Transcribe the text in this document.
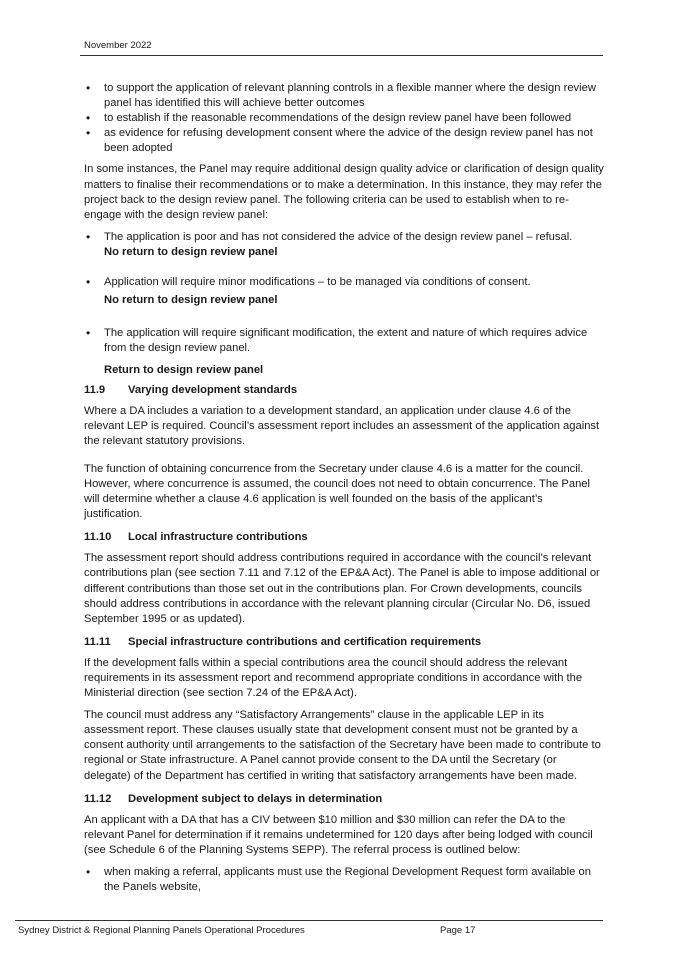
November 2022
• to support the application of relevant planning controls in a flexible manner where the design review panel has identified this will achieve better outcomes
• to establish if the reasonable recommendations of the design review panel have been followed
• as evidence for refusing development consent where the advice of the design review panel has not been adopted

In some instances, the Panel may require additional design quality advice or clarification of design quality matters to finalise their recommendations or to make a determination. In this instance, they may refer the project back to the design review panel. The following criteria can be used to establish when to re-engage with the design review panel:

• The application is poor and has not considered the advice of the design review panel – refusal.
No return to design review panel
• Application will require minor modifications – to be managed via conditions of consent.
No return to design review panel
• The application will require significant modification, the extent and nature of which requires advice from the design review panel.
Return to design review panel
11.9 Varying development standards

Where a DA includes a variation to a development standard, an application under clause 4.6 of the relevant LEP is required. Council’s assessment report includes an assessment of the application against the relevant statutory provisions.

The function of obtaining concurrence from the Secretary under clause 4.6 is a matter for the council. However, where concurrence is assumed, the council does not need to obtain concurrence. The Panel will determine whether a clause 4.6 application is well founded on the basis of the applicant’s justification.

11.10 Local infrastructure contributions

The assessment report should address contributions required in accordance with the council’s relevant contributions plan (see section 7.11 and 7.12 of the EP&A Act). The Panel is able to impose additional or different contributions than those set out in the contributions plan. For Crown developments, councils should address contributions in accordance with the relevant planning circular (Circular No. D6, issued September 1995 or as updated).

11.11 Special infrastructure contributions and certification requirements

If the development falls within a special contributions area the council should address the relevant requirements in its assessment report and recommend appropriate conditions in accordance with the Ministerial direction (see section 7.24 of the EP&A Act).

The council must address any “Satisfactory Arrangements” clause in the applicable LEP in its assessment report. These clauses usually state that development consent must not be granted by a consent authority until arrangements to the satisfaction of the Secretary have been made to contribute to regional or State infrastructure. A Panel cannot provide consent to the DA until the Secretary (or delegate) of the Department has certified in writing that satisfactory arrangements have been made.

11.12 Development subject to delays in determination

An applicant with a DA that has a CIV between $10 million and $30 million can refer the DA to the relevant Panel for determination if it remains undetermined for 120 days after being lodged with council (see Schedule 6 of the Planning Systems SEPP). The referral process is outlined below:

• when making a referral, applicants must use the Regional Development Request form available on the Panels website,
Sydney District & Regional Planning Panels Operational Procedures	Page 17
